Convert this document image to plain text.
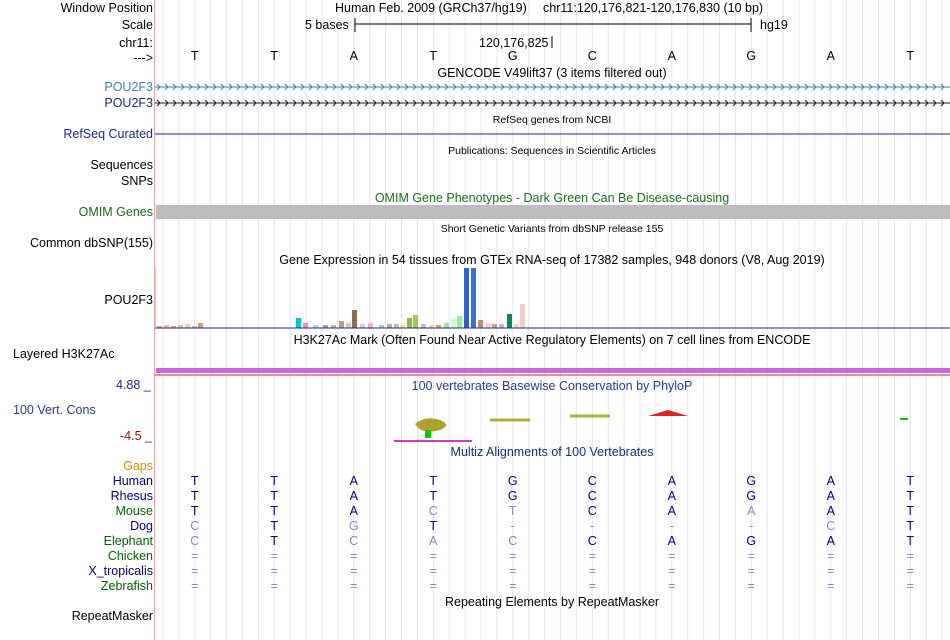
Window Position	Human Feb. 2009 (GRCh37/hg19) chr11:120,176,821-120,176,830 (10 bp)
Scale	5 bases	hg19
chr11:	120,176,825
--->	T	T	A	T	G	C	A	G	A	T
GENCODE V49lift37 (3 items filtered out)
POU2F3
POU2F3
RefSeq genes from NCBI
RefSeq Curated
Publications: Sequences in Scientific Articles
Sequences
SNPs
OMIM Gene Phenotypes - Dark Green Can Be Disease-causing
OMIM Genes
Short Genetic Variants from dbSNP release 155
Common dbSNP(155)
Gene Expression in 54 tissues from GTEx RNA-seq of 17382 samples, 948 donors (V8, Aug 2019)
POU2F3
H3K27Ac Mark (Often Found Near Active Regulatory Elements) on 7 cell lines from ENCODE
Layered H3K27Ac
4.88 _	100 vertebrates Basewise Conservation by PhyloP
100 Vert. Cons
-4.5 _
Multiz Alignments of 100 Vertebrates
Gaps
Human	T	T	A	T	G	C	A	G	A	T
Rhesus	T	T	A	T	G	C	A	G	A	T
Mouse	T	T	A	C	T	C	A	A	A	T
Dog	C	T	G	T	-	-	-	-	C	T
Elephant	C	T	C	A	C	C	A	G	A	T
Chicken	=	=	=	=	=	=	=	=	=	=
X_tropicalis	=	=	=	=	=	=	=	=	=	=
Zebrafish	=	=	=	=	=	=	=	=	=	=
Repeating Elements by RepeatMasker
RepeatMasker
